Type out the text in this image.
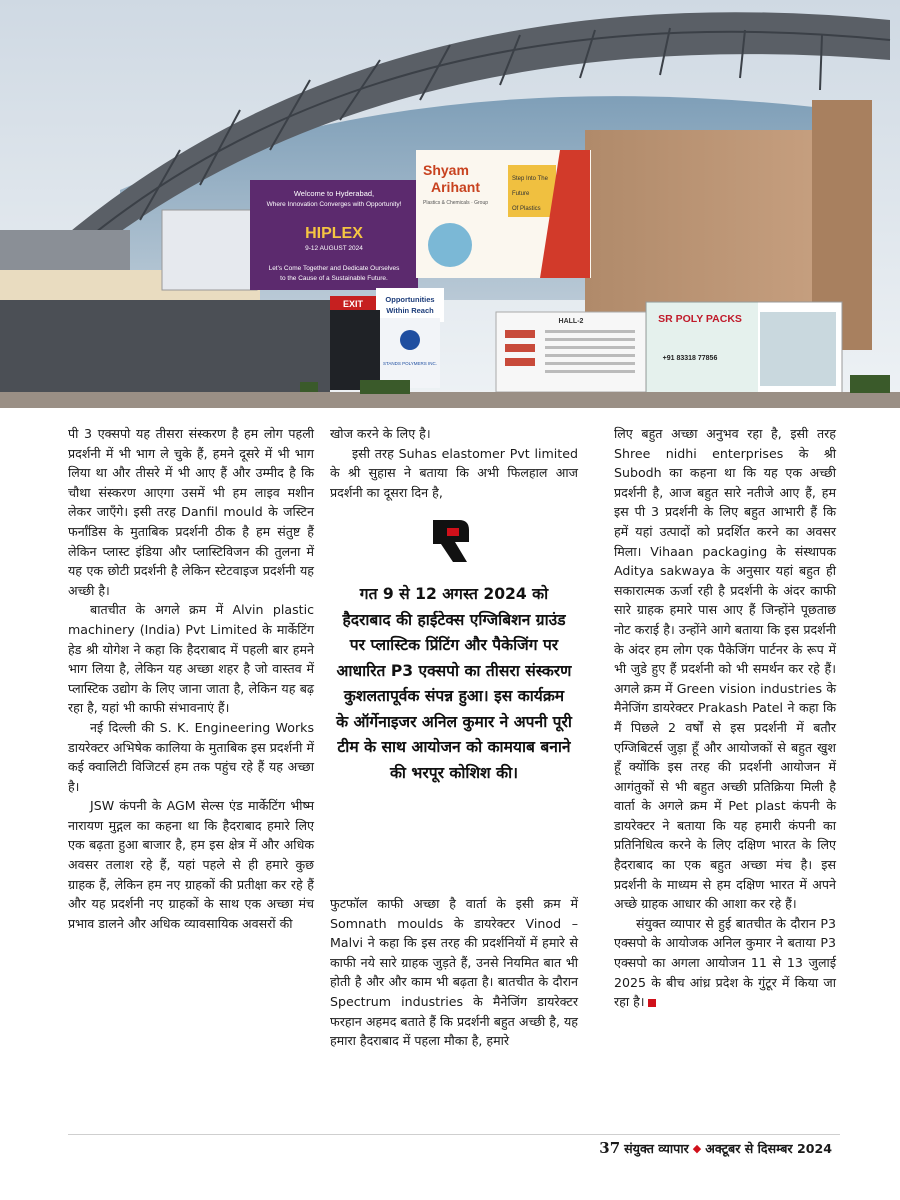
Welcome to Hyderabad,
Where Innovation Converges with Opportunity!
HIPLEX
9-12 AUGUST 2024
Let's Come Together and Dedicate Ourselves
to the Cause of a Sustainable Future.
Shyam
Arihant
Plastics & Chemicals · Group
Step Into The
Future
Of Plastics
EXIT	Opportunities
Within Reach
STANDS POLYMERS INC.
HALL-2	SR POLY PACKS
+91 83318 77856

पी 3 एक्सपो यह तीसरा संस्करण है हम लोग पहली प्रदर्शनी में भी भाग ले चुके हैं, हमने दूसरे में भी भाग लिया था और तीसरे में भी आए हैं और उम्मीद है कि चौथा संस्करण आएगा उसमें भी हम लाइव मशीन लेकर जाएँगे। इसी तरह Danfil mould के जस्टिन फर्नांडिस के मुताबिक प्रदर्शनी ठीक है हम संतुष्ट हैं लेकिन प्लास्ट इंडिया और प्लास्टिविजन की तुलना में यह एक छोटी प्रदर्शनी है लेकिन स्टेटवाइज प्रदर्शनी यह अच्छी है।

बातचीत के अगले क्रम में Alvin plastic machinery (India) Pvt Limited के मार्केटिंग हेड श्री योगेश ने कहा कि हैदराबाद में पहली बार हमने भाग लिया है, लेकिन यह अच्छा शहर है जो वास्तव में प्लास्टिक उद्योग के लिए जाना जाता है, लेकिन यह बढ़ रहा है, यहां भी काफी संभावनाएं हैं।

नई दिल्ली की S. K. Engineering Works डायरेक्टर अभिषेक कालिया के मुताबिक इस प्रदर्शनी में कई क्वालिटी विजिटर्स हम तक पहुंच रहे हैं यह अच्छा है।

JSW कंपनी के AGM सेल्स एंड मार्केटिंग भीष्म नारायण मुद्गल का कहना था कि हैदराबाद हमारे लिए एक बढ़ता हुआ बाजार है, हम इस क्षेत्र में और अधिक अवसर तलाश रहे हैं, यहां पहले से ही हमारे कुछ ग्राहक हैं, लेकिन हम नए ग्राहकों की प्रतीक्षा कर रहे हैं और यह प्रदर्शनी नए ग्राहकों के साथ एक अच्छा मंच प्रभाव डालने और अधिक व्यावसायिक अवसरों की

खोज करने के लिए है।

इसी तरह Suhas elastomer Pvt limited के श्री सुहास ने बताया कि अभी फिलहाल आज प्रदर्शनी का दूसरा दिन है,

गत 9 से 12 अगस्त 2024 को हैदराबाद की हाईटेक्स एग्जिबिशन ग्राउंड पर प्लास्टिक प्रिंटिंग और पैकेजिंग पर आधारित P3 एक्सपो का तीसरा संस्करण कुशलतापूर्वक संपन्न हुआ। इस कार्यक्रम के ऑर्गेनाइजर अनिल कुमार ने अपनी पूरी टीम के साथ आयोजन को कामयाब बनाने की भरपूर कोशिश की।

फुटफॉल काफी अच्छा है वार्ता के इसी क्रम में Somnath moulds के डायरेक्टर Vinod – Malvi ने कहा कि इस तरह की प्रदर्शनियों में हमारे से काफी नये सारे ग्राहक जुड़ते हैं, उनसे नियमित बात भी होती है और और काम भी बढ़ता है। बातचीत के दौरान Spectrum industries के मैनेजिंग डायरेक्टर फरहान अहमद बताते हैं कि प्रदर्शनी बहुत अच्छी है, यह हमारा हैदराबाद में पहला मौका है, हमारे

लिए बहुत अच्छा अनुभव रहा है, इसी तरह Shree nidhi enterprises के श्री Subodh का कहना था कि यह एक अच्छी प्रदर्शनी है, आज बहुत सारे नतीजे आए हैं, हम इस पी 3 प्रदर्शनी के लिए बहुत आभारी हैं कि हमें यहां उत्पादों को प्रदर्शित करने का अवसर मिला। Vihaan packaging के संस्थापक Aditya sakwaya के अनुसार यहां बहुत ही सकारात्मक ऊर्जा रही है प्रदर्शनी के अंदर काफी सारे ग्राहक हमारे पास आए हैं जिन्होंने पूछताछ नोट कराई है। उन्होंने आगे बताया कि इस प्रदर्शनी के अंदर हम लोग एक पैकेजिंग पार्टनर के रूप में भी जुडे हुए हैं प्रदर्शनी को भी समर्थन कर रहे हैं। अगले क्रम में Green vision industries के मैनेजिंग डायरेक्टर Prakash Patel ने कहा कि मैं पिछले 2 वर्षों से इस प्रदर्शनी में बतौर एग्जिबिटर्स जुड़ा हूँ और आयोजकों से बहुत खुश हूँ क्योंकि इस तरह की प्रदर्शनी आयोजन में आगंतुकों से भी बहुत अच्छी प्रतिक्रिया मिली है वार्ता के अगले क्रम में Pet plast कंपनी के डायरेक्टर ने बताया कि यह हमारी कंपनी का प्रतिनिधित्व करने के लिए दक्षिण भारत के लिए हैदराबाद का एक बहुत अच्छा मंच है। इस प्रदर्शनी के माध्यम से हम दक्षिण भारत में अपने अच्छे ग्राहक आधार की आशा कर रहे हैं।

संयुक्त व्यापार से हुई बातचीत के दौरान P3 एक्सपो के आयोजक अनिल कुमार ने बताया P3 एक्सपो का अगला आयोजन 11 से 13 जुलाई 2025 के बीच आंध्र प्रदेश के गुंटूर में किया जा रहा है।

37 संयुक्त व्यापार ◆ अक्टूबर से दिसम्बर 2024
